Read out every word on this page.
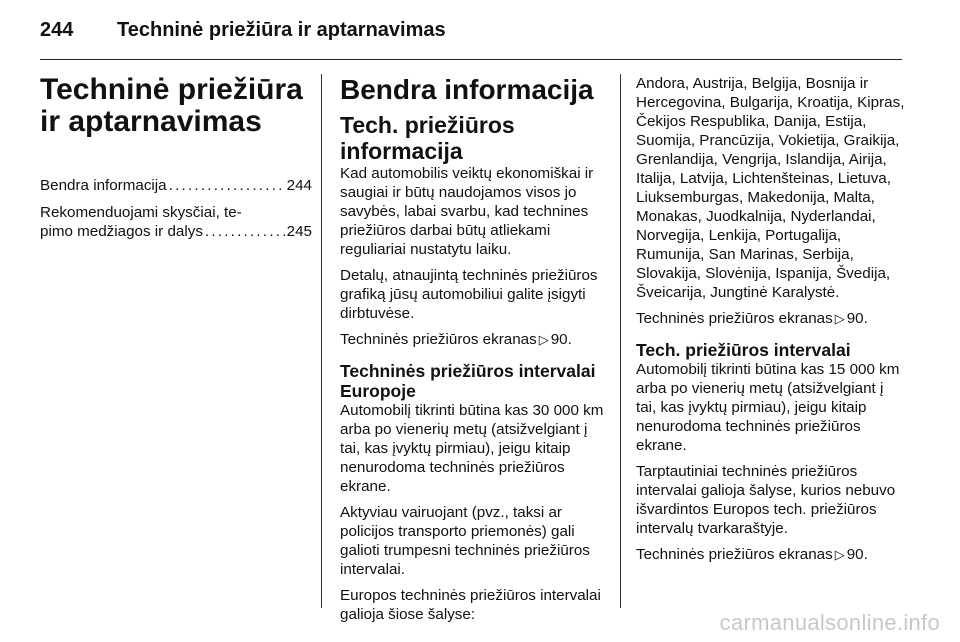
244 Techninė priežiūra ir aptarnavimas
Techninė priežiūra ir aptarnavimas
Bendra informacija . . .	244
Rekomenduojami skysčiai, te-
pimo medžiagos ir dalys . . .	245
Bendra informacija
Tech. priežiūros informacija

Kad automobilis veiktų ekonomiškai ir saugiai ir būtų naudojamos visos jo savybės, labai svarbu, kad technines priežiūros darbai būtų atliekami reguliariai nustatytu laiku.

Detalų, atnaujintą techninės priežiūros grafiką jūsų automobiliui galite įsigyti dirbtuvėse.

Techninės priežiūros ekranas ▷ 90.

Techninės priežiūros intervalai Europoje

Automobilį tikrinti būtina kas 30 000 km arba po vienerių metų (atsižvelgiant į tai, kas įvyktų pirmiau), jeigu kitaip nenurodoma techninės priežiūros ekrane.

Aktyviau vairuojant (pvz., taksi ar policijos transporto priemonės) gali galioti trumpesni techninės priežiūros intervalai.

Europos techninės priežiūros intervalai galioja šiose šalyse:

Andora, Austrija, Belgija, Bosnija ir Hercegovina, Bulgarija, Kroatija, Kipras, Čekijos Respublika, Danija, Estija, Suomija, Prancūzija, Vokietija, Graikija, Grenlandija, Vengrija, Islandija, Airija, Italija, Latvija, Lichtenšteinas, Lietuva, Liuksemburgas, Makedonija, Malta, Monakas, Juodkalnija, Nyderlandai, Norvegija, Lenkija, Portugalija, Rumunija, San Marinas, Serbija, Slovakija, Slovėnija, Ispanija, Švedija, Šveicarija, Jungtinė Karalystė.

Techninės priežiūros ekranas ▷ 90.

Tech. priežiūros intervalai

Automobilį tikrinti būtina kas 15 000 km arba po vienerių metų (atsižvelgiant į tai, kas įvyktų pirmiau), jeigu kitaip nenurodoma techninės priežiūros ekrane.

Tarptautiniai techninės priežiūros intervalai galioja šalyse, kurios nebuvo išvardintos Europos tech. priežiūros intervalų tvarkaraštyje.

Techninės priežiūros ekranas ▷ 90.

carmanualsonline.info
